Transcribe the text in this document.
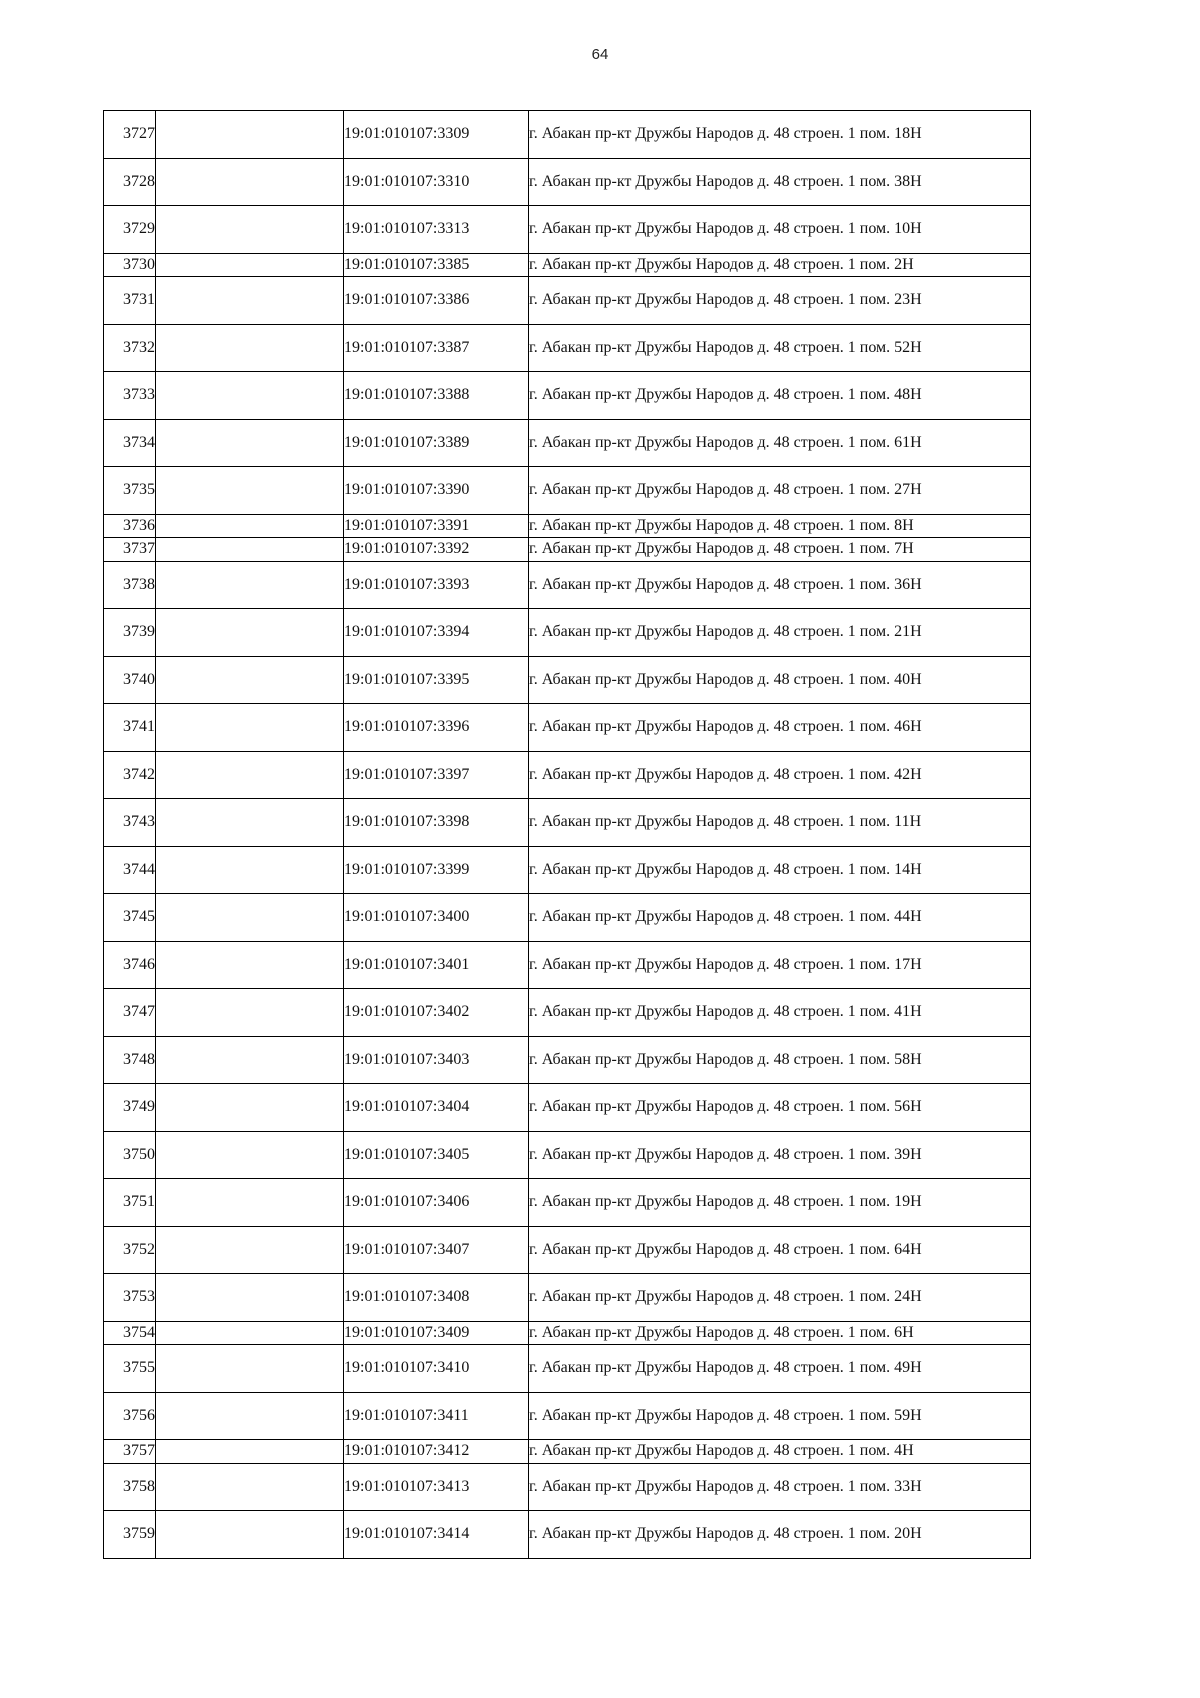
64
3727		19:01:010107:3309	г. Абакан пр-кт Дружбы Народов д. 48 строен. 1 пом. 18Н
3728		19:01:010107:3310	г. Абакан пр-кт Дружбы Народов д. 48 строен. 1 пом. 38Н
3729		19:01:010107:3313	г. Абакан пр-кт Дружбы Народов д. 48 строен. 1 пом. 10Н
3730		19:01:010107:3385	г. Абакан пр-кт Дружбы Народов д. 48 строен. 1 пом. 2Н
3731		19:01:010107:3386	г. Абакан пр-кт Дружбы Народов д. 48 строен. 1 пом. 23Н
3732		19:01:010107:3387	г. Абакан пр-кт Дружбы Народов д. 48 строен. 1 пом. 52Н
3733		19:01:010107:3388	г. Абакан пр-кт Дружбы Народов д. 48 строен. 1 пом. 48Н
3734		19:01:010107:3389	г. Абакан пр-кт Дружбы Народов д. 48 строен. 1 пом. 61Н
3735		19:01:010107:3390	г. Абакан пр-кт Дружбы Народов д. 48 строен. 1 пом. 27Н
3736		19:01:010107:3391	г. Абакан пр-кт Дружбы Народов д. 48 строен. 1 пом. 8Н
3737		19:01:010107:3392	г. Абакан пр-кт Дружбы Народов д. 48 строен. 1 пом. 7Н
3738		19:01:010107:3393	г. Абакан пр-кт Дружбы Народов д. 48 строен. 1 пом. 36Н
3739		19:01:010107:3394	г. Абакан пр-кт Дружбы Народов д. 48 строен. 1 пом. 21Н
3740		19:01:010107:3395	г. Абакан пр-кт Дружбы Народов д. 48 строен. 1 пом. 40Н
3741		19:01:010107:3396	г. Абакан пр-кт Дружбы Народов д. 48 строен. 1 пом. 46Н
3742		19:01:010107:3397	г. Абакан пр-кт Дружбы Народов д. 48 строен. 1 пом. 42Н
3743		19:01:010107:3398	г. Абакан пр-кт Дружбы Народов д. 48 строен. 1 пом. 11Н
3744		19:01:010107:3399	г. Абакан пр-кт Дружбы Народов д. 48 строен. 1 пом. 14Н
3745		19:01:010107:3400	г. Абакан пр-кт Дружбы Народов д. 48 строен. 1 пом. 44Н
3746		19:01:010107:3401	г. Абакан пр-кт Дружбы Народов д. 48 строен. 1 пом. 17Н
3747		19:01:010107:3402	г. Абакан пр-кт Дружбы Народов д. 48 строен. 1 пом. 41Н
3748		19:01:010107:3403	г. Абакан пр-кт Дружбы Народов д. 48 строен. 1 пом. 58Н
3749		19:01:010107:3404	г. Абакан пр-кт Дружбы Народов д. 48 строен. 1 пом. 56Н
3750		19:01:010107:3405	г. Абакан пр-кт Дружбы Народов д. 48 строен. 1 пом. 39Н
3751		19:01:010107:3406	г. Абакан пр-кт Дружбы Народов д. 48 строен. 1 пом. 19Н
3752		19:01:010107:3407	г. Абакан пр-кт Дружбы Народов д. 48 строен. 1 пом. 64Н
3753		19:01:010107:3408	г. Абакан пр-кт Дружбы Народов д. 48 строен. 1 пом. 24Н
3754		19:01:010107:3409	г. Абакан пр-кт Дружбы Народов д. 48 строен. 1 пом. 6Н
3755		19:01:010107:3410	г. Абакан пр-кт Дружбы Народов д. 48 строен. 1 пом. 49Н
3756		19:01:010107:3411	г. Абакан пр-кт Дружбы Народов д. 48 строен. 1 пом. 59Н
3757		19:01:010107:3412	г. Абакан пр-кт Дружбы Народов д. 48 строен. 1 пом. 4Н
3758		19:01:010107:3413	г. Абакан пр-кт Дружбы Народов д. 48 строен. 1 пом. 33Н
3759		19:01:010107:3414	г. Абакан пр-кт Дружбы Народов д. 48 строен. 1 пом. 20Н
